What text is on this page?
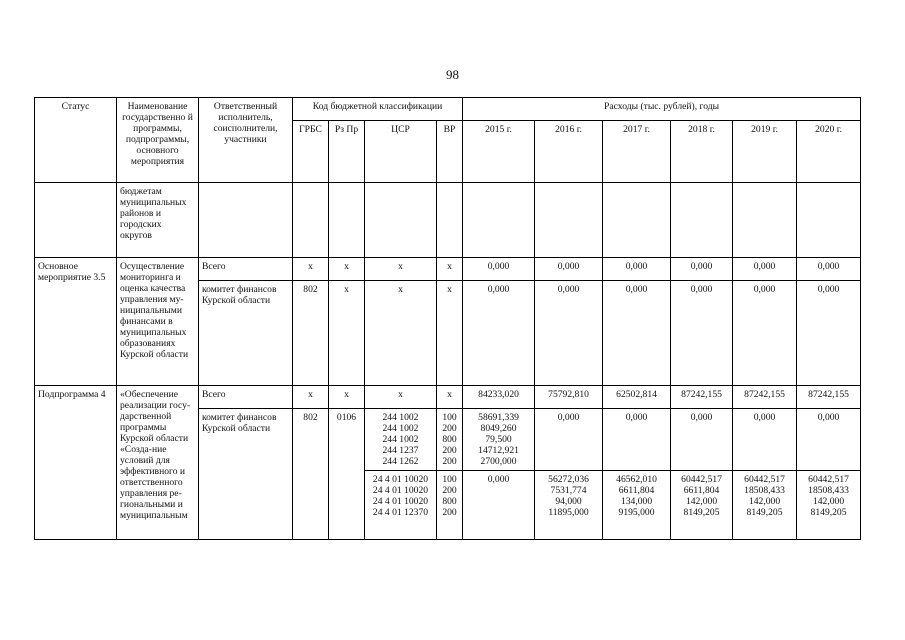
98
Статус	Наименование государственно й программы, подпрограммы, основного мероприятия	Ответственный исполнитель, соисполнители, участники	Код бюджетной классификации				Расходы (тыс. рублей), годы					
			ГРБС	Рз Пр	ЦСР	ВР	2015 г.	2016 г.	2017 г.	2018 г.	2019 г.	2020 г.
	бюджетам муниципальных районов и городских округов											
Основное мероприятие 3.5	Осуществление мониторинга и оценка качества управления му-ниципальными финансами в муниципальных образованиях Курской области	Всего	x	x	x	x	0,000	0,000	0,000	0,000	0,000	0,000
		комитет финансов Курской области	802	x	x	x	0,000	0,000	0,000	0,000	0,000	0,000
Подпрограмма 4	«Обеспечение реализации госу-дарственной программы Курской области «Созда-ние условий для эффективного и ответственного управления ре-гиональными и муниципальным	Всего	x	x	x	x	84233,020	75792,810	62502,814	87242,155	87242,155	87242,155
		комитет финансов Курской области	802	0106	244 1002
244 1002
244 1002
244 1237
244 1262	100
200
800
200
200	58691,339
8049,260
79,500
14712,921
2700,000	0,000	0,000	0,000	0,000	0,000
					24 4 01 10020
24 4 01 10020
24 4 01 10020
24 4 01 12370	100
200
800
200	0,000	56272,036
7531,774
94,000
11895,000	46562,010
6611,804
134,000
9195,000	60442,517
6611,804
142,000
8149,205	60442,517
18508,433
142,000
8149,205	60442,517
18508,433
142,000
8149,205
